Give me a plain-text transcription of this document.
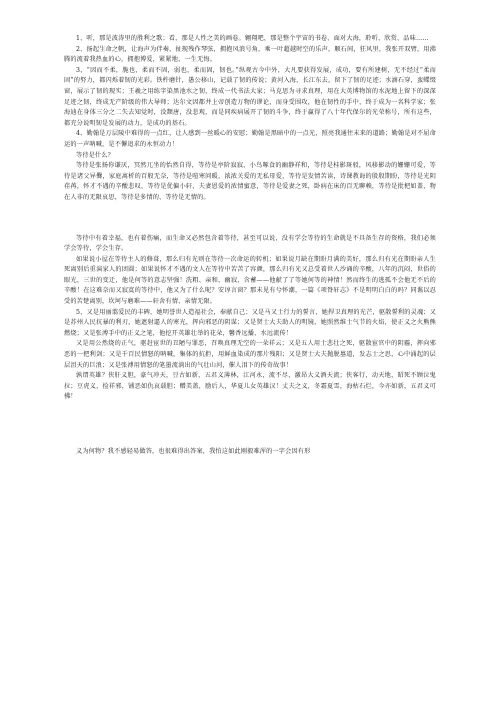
1、听，那是波涛里的胜利之歌；看，那是人性之美的画卷。翱翔吧，那是整个宇宙的书卷、面对大海，聆听、欣赏、品味……

2、扬起生命之帆，让海声为伴奏，扯现残作琴弦，拥抱风浪号角，乘一叶超越时空的乐声，顺石间，狂风里，我张开双臂，用沸腾的流着我热血的心，拥抱博爱，紧紧地，一生无悔。

3、“因而不柔，脆也，柔而不固，弱也，柔而固，韧也。”纵观古今中外，大凡要获得发展，成功，要有所建树，无不经过“柔而固”的努力，都闪烁着韧的光彩。铁杵磨针，愚公移山，记载了韧的传说；黄河入海，长江东去，留下了韧的足迹；水滴石穿，蛮蝶缀窗，展示了韧的现实；王羲之用练字染黑池水之韧，终成一代书法大家；马克思为寻求真理，用在大英博物馆的水泥地上留下的深深足迹之韧，终成无产阶级的伟大导师；达尔文因都井上帝创造万物的谬论，而身受围攻，他在韧性的手中，终于成为一名科学家；张海迪在身体三分之二失去知觉时，没颓唐，没悲观，而是同疾病展开了韧的斗争，终于赢得了八十年代保尔的光荣称号，所有这些，都充分说明韧是发展的动力，是成功的基石。

4、勤翰是万层陵中难得的一点红，让人感到一丝暖心的安慰；勤翰是黑暗中的一点光，照亮我通往未来的道路；勤翰是对不屈命运的一声呐喊，是不懈追求的永恒动力！

等待是什么？

等待是张扬你谦厌，冥然兀坐的怡然自得，等待是亭阶寂寂，小鸟啄食的幽静祥和，等待是桂影斑驳，风移影动的姗姗可爱，等待是诸父异爨，家庭离析的百般无奈，等待是喧寒问暖，浓浓关爱的无私母爱，等待是发情苦读，诗课教诲的殷殷期盼，等待是光阴荏苒，怀才不遇的辛酸悲叹，等待是优偏小轩，夫妻恩爱的浓情蜜意，等待是爱妻之死，卧病在床的百无聊赖，等待是批杷如盖，物在人非的无限哀思，等待是多情的、等待是无情的。

等待中有着幸福，也有着伤痛，而生命又必然包含着等待，甚至可以说，没有学会等待的生命就是不具备生存的资格，我们必须学会等待，学会生存。

如果说小屋在等待主人的修葺，那么归有光则在等待一次命运的转机；如果说月缺在期盼月满的美好，那么归有光在期盼亲人生死离别后重演家人的团圆；如果说怀才不遇的文人在等待中苦苦了容颜，那么归有光又总受着世人沙诵的辛酸，八年的沉闷，世俗的眼光，三世的变迁，他是何等的意志坚强！洗粗、亲和、幽寂、含蓄——他献了了等她何等的神情！然而终生的逃孤不会他无不后的辛酸！在这难奈而又寂寞的等待中，他又为了什么呢？安谆言窗？那未见有兮怀潮，一篇《项脊轩志》不是明明白白的吗？同谯以忍受的苦楚离别，坎坷与磨难——轩舍有情、亲情无限。

5、又是用丽翦爱民的丰碑，她明誉世人造福社会，奉献自己；又是马又士行力的誓言，她捍卫真理的光芒，驱散誓利的灵魂；又是苏州人民抗暴的利刃，她遮射逼人的寒光，挥向邪恶的阴谋；又是贤士大夫助人的明镜，她照然维士气节的火焰，使正义之火熊熊燃烧；又是张溥手中的正义之笔，他挖开英雄壮举的花朵，馨香远播，水远流传！

又是用公然烧的正气，驱赶宦世的丑陋与罪恶，召唤真理无空的一朵祥云；又是五人用士悲壮之死，驱散宦官中的阴霾，挥向邪恶的一把利剑；又是千百民情怒的呐喊，集体的抗拒，用鲜血染成的那片残阳；又是贤士大夫抛脱墓道，发志士之思，心中涌起的层层沮天的巨浪；又是张溥用情怒的笔墨流淌出的气壮山河，催人泪下的传奇故事！

孰谓英雄？侠肝义胆，豪气冲天，豆古如新，五君义薄林，江河永，流不尽，激昂大义酒天流；侠客行，动天地，昭死不顾泣鬼拉；豆虎义，捡祥邪，铺恶如仇哀载胆；赠美盖，励后人，华夏儿女英雄汉！丈夫之义，冬霜夏雪，海枯石烂，今亦如新，五君义可拂！

义为何物？我不感轻易做答，也很难得出答案，我怕这如此刚毅难浑的一字会因有形
